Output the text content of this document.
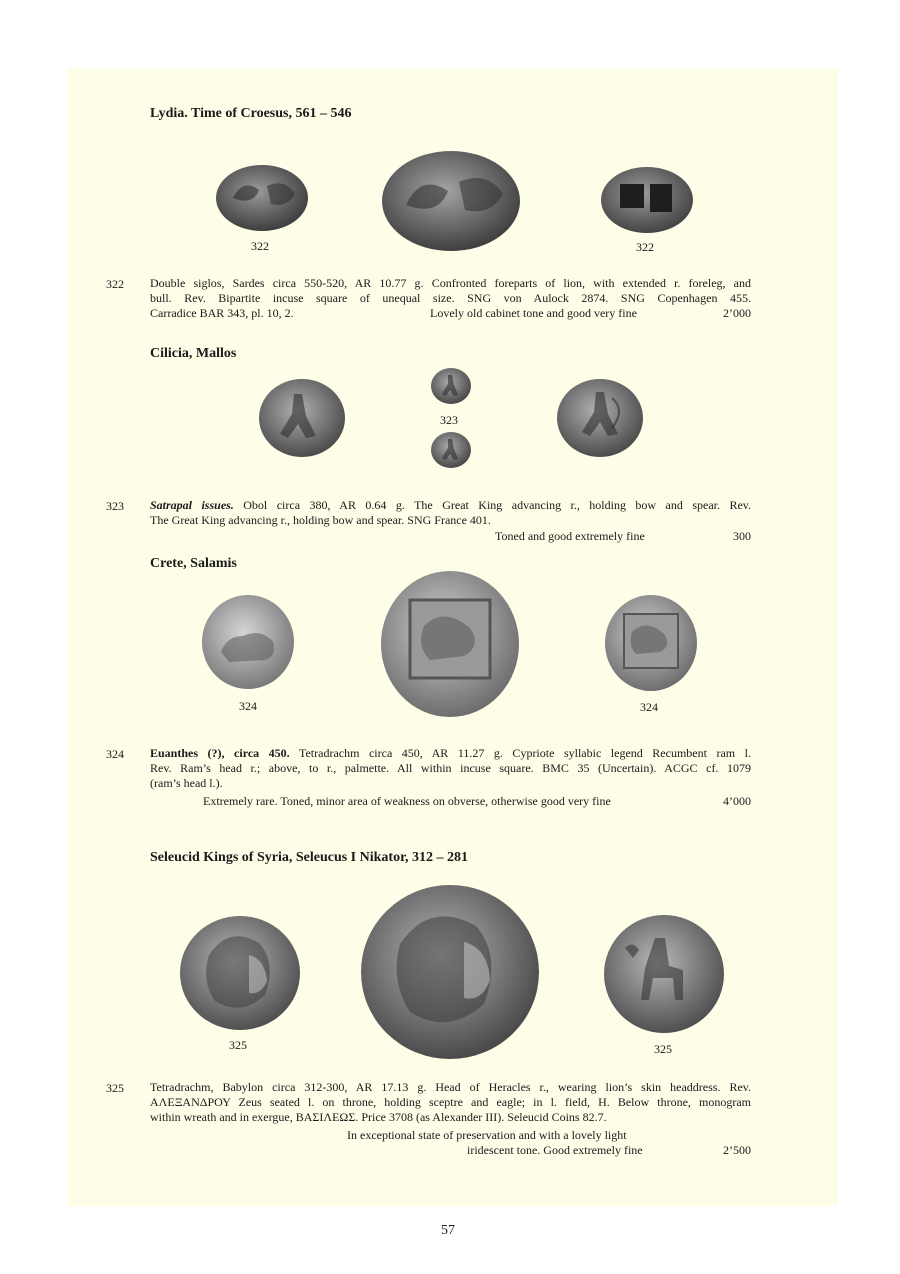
Lydia. Time of Croesus, 561 – 546
322	322
322 Double siglos, Sardes circa 550-520, AR 10.77 g. Confronted foreparts of lion, with extended r. foreleg, and
bull. Rev. Bipartite incuse square of unequal size. SNG von Aulock 2874. SNG Copenhagen 455.
Carradice BAR 343, pl. 10, 2.	Lovely old cabinet tone and good very fine	2’000
Cilicia, Mallos
323
323 Satrapal issues. Obol circa 380, AR 0.64 g. The Great King advancing r., holding bow and spear. Rev.
The Great King advancing r., holding bow and spear. SNG France 401.
Toned and good extremely fine	300
Crete, Salamis
324	324
324 Euanthes (?), circa 450. Tetradrachm circa 450, AR 11.27 g. Cypriote syllabic legend Recumbent ram l.
Rev. Ram’s head r.; above, to r., palmette. All within incuse square. BMC 35 (Uncertain). ACGC cf. 1079
(ram’s head l.).
Extremely rare. Toned, minor area of weakness on obverse, otherwise good very fine	4’000
Seleucid Kings of Syria, Seleucus I Nikator, 312 – 281
325	325
325 Tetradrachm, Babylon circa 312-300, AR 17.13 g. Head of Heracles r., wearing lion’s skin headdress. Rev.
ΑΛΕΞΑΝΔΡΟΥ Zeus seated l. on throne, holding sceptre and eagle; in l. field, H. Below throne, monogram
within wreath and in exergue, ΒΑΣΙΛΕΩΣ. Price 3708 (as Alexander III). Seleucid Coins 82.7.
In exceptional state of preservation and with a lovely light
iridescent tone. Good extremely fine	2’500
57
